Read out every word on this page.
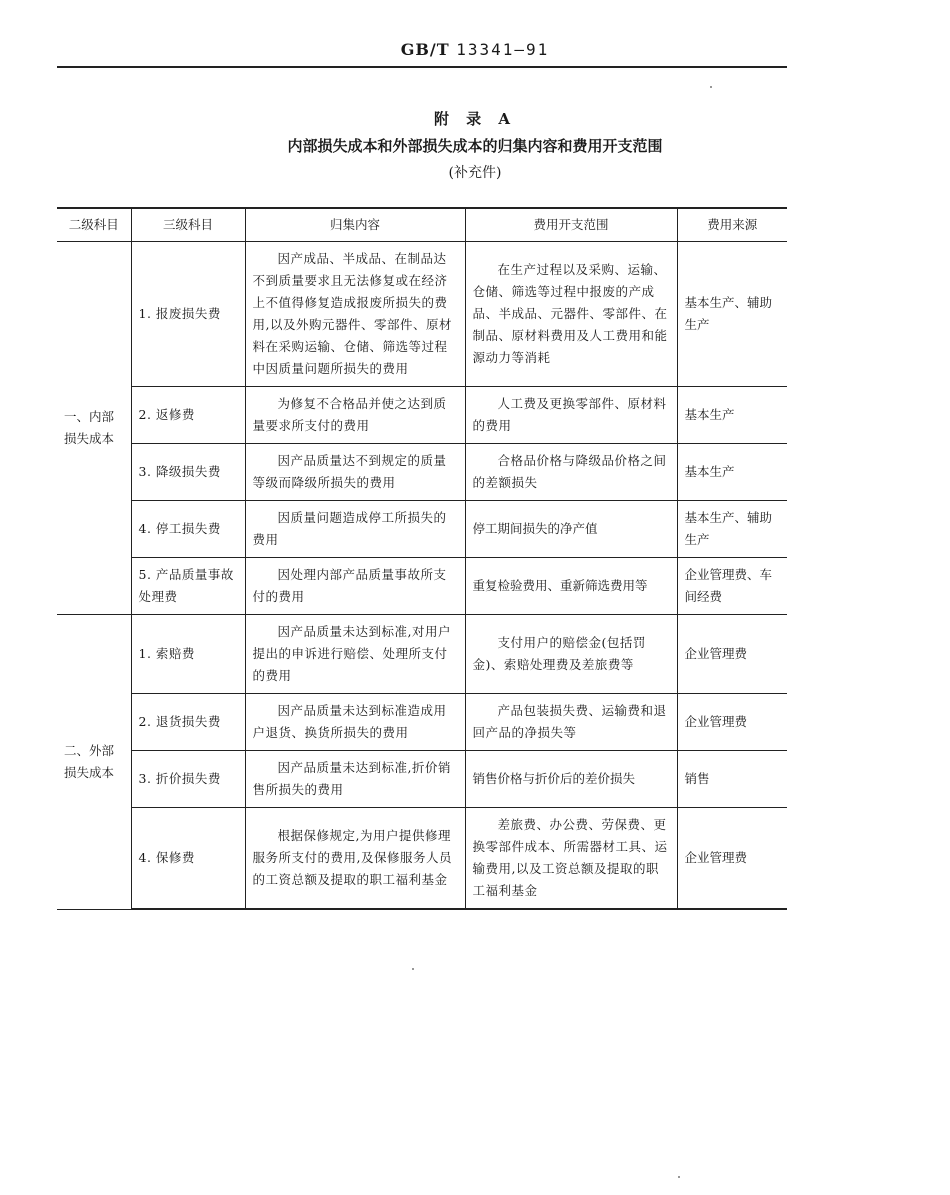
GB/T 13341—91

附 录 A

内部损失成本和外部损失成本的归集内容和费用开支范围

(补充件)

二级科目	三级科目	归集内容	费用开支范围	费用来源
一、内部损失成本	1. 报废损失费	因产成品、半成品、在制品达不到质量要求且无法修复或在经济上不值得修复造成报废所损失的费用,以及外购元器件、零部件、原材料在采购运输、仓储、筛选等过程中因质量问题所损失的费用	在生产过程以及采购、运输、仓储、筛选等过程中报废的产成品、半成品、元器件、零部件、在制品、原材料费用及人工费用和能源动力等消耗	基本生产、辅助生产
	2. 返修费	为修复不合格品并使之达到质量要求所支付的费用	人工费及更换零部件、原材料的费用	基本生产
	3. 降级损失费	因产品质量达不到规定的质量等级而降级所损失的费用	合格品价格与降级品价格之间的差额损失	基本生产
	4. 停工损失费	因质量问题造成停工所损失的费用	停工期间损失的净产值	基本生产、辅助生产
	5. 产品质量事故处理费	因处理内部产品质量事故所支付的费用	重复检验费用、重新筛选费用等	企业管理费、车间经费
二、外部损失成本	1. 索赔费	因产品质量未达到标准,对用户提出的申诉进行赔偿、处理所支付的费用	支付用户的赔偿金(包括罚金)、索赔处理费及差旅费等	企业管理费
	2. 退货损失费	因产品质量未达到标准造成用户退货、换货所损失的费用	产品包装损失费、运输费和退回产品的净损失等	企业管理费
	3. 折价损失费	因产品质量未达到标准,折价销售所损失的费用	销售价格与折价后的差价损失	销售
	4. 保修费	根据保修规定,为用户提供修理服务所支付的费用,及保修服务人员的工资总额及提取的职工福利基金	差旅费、办公费、劳保费、更换零部件成本、所需器材工具、运输费用,以及工资总额及提取的职工福利基金	企业管理费
